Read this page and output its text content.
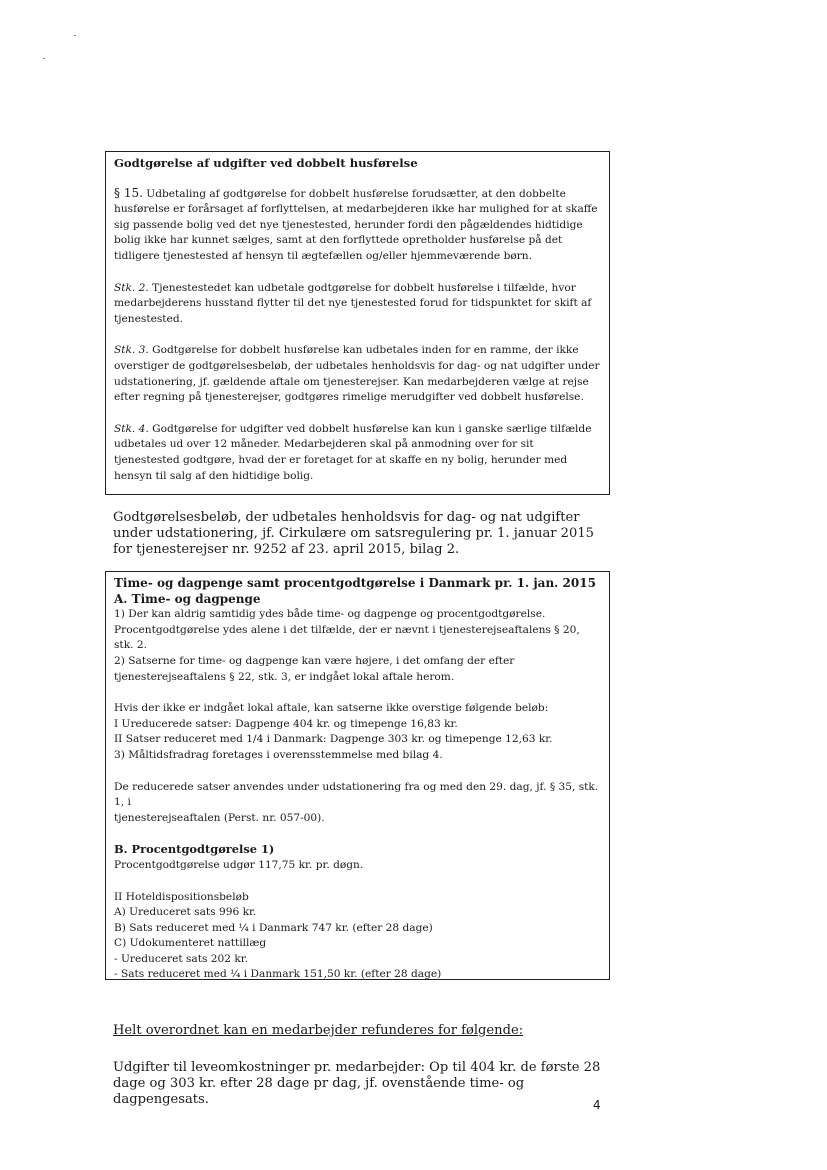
Godtgørelse af udgifter ved dobbelt husførelse

§ 15. Udbetaling af godtgørelse for dobbelt husførelse forudsætter, at den dobbelte husførelse er forårsaget af forflyttelsen, at medarbejderen ikke har mulighed for at skaffe sig passende bolig ved det nye tjenestested, herunder fordi den pågældendes hidtidige bolig ikke har kunnet sælges, samt at den forflyttede opretholder husførelse på det tidligere tjenestested af hensyn til ægtefællen og/eller hjemmeværende børn.

Stk. 2. Tjenestestedet kan udbetale godtgørelse for dobbelt husførelse i tilfælde, hvor medarbejderens husstand flytter til det nye tjenestested forud for tidspunktet for skift af tjenestested.

Stk. 3. Godtgørelse for dobbelt husførelse kan udbetales inden for en ramme, der ikke overstiger de godtgørelsesbeløb, der udbetales henholdsvis for dag- og nat udgifter under udstationering, jf. gældende aftale om tjenesterejser. Kan medarbejderen vælge at rejse efter regning på tjenesterejser, godtgøres rimelige merudgifter ved dobbelt husførelse.

Stk. 4. Godtgørelse for udgifter ved dobbelt husførelse kan kun i ganske særlige tilfælde udbetales ud over 12 måneder. Medarbejderen skal på anmodning over for sit tjenestested godtgøre, hvad der er foretaget for at skaffe en ny bolig, herunder med hensyn til salg af den hidtidige bolig.

Godtgørelsesbeløb, der udbetales henholdsvis for dag- og nat udgifter under udstationering, jf. Cirkulære om satsregulering pr. 1. januar 2015 for tjenesterejser nr. 9252 af 23. april 2015, bilag 2.

Time- og dagpenge samt procentgodtgørelse i Danmark pr. 1. jan. 2015

A. Time- og dagpenge

1) Der kan aldrig samtidig ydes både time- og dagpenge og procentgodtgørelse.

Procentgodtgørelse ydes alene i det tilfælde, der er nævnt i tjenesterejseaftalens § 20, stk. 2.

2) Satserne for time- og dagpenge kan være højere, i det omfang der efter

tjenesterejseaftalens § 22, stk. 3, er indgået lokal aftale herom.

Hvis der ikke er indgået lokal aftale, kan satserne ikke overstige følgende beløb:

I Ureducerede satser: Dagpenge 404 kr. og timepenge 16,83 kr.

II Satser reduceret med 1/4 i Danmark: Dagpenge 303 kr. og timepenge 12,63 kr.

3) Måltidsfradrag foretages i overensstemmelse med bilag 4.

De reducerede satser anvendes under udstationering fra og med den 29. dag, jf. § 35, stk. 1, i

tjenesterejseaftalen (Perst. nr. 057-00).

B. Procentgodtgørelse 1)

Procentgodtgørelse udgør 117,75 kr. pr. døgn.

II Hoteldispositionsbeløb

A) Ureduceret sats 996 kr.

B) Sats reduceret med ¼ i Danmark 747 kr. (efter 28 dage)

C) Udokumenteret nattillæg

- Ureduceret sats 202 kr.

- Sats reduceret med ¼ i Danmark 151,50 kr. (efter 28 dage)

Helt overordnet kan en medarbejder refunderes for følgende:

Udgifter til leveomkostninger pr. medarbejder: Op til 404 kr. de første 28 dage og 303 kr. efter 28 dage pr dag, jf. ovenstående time- og dagpengesats.	4
